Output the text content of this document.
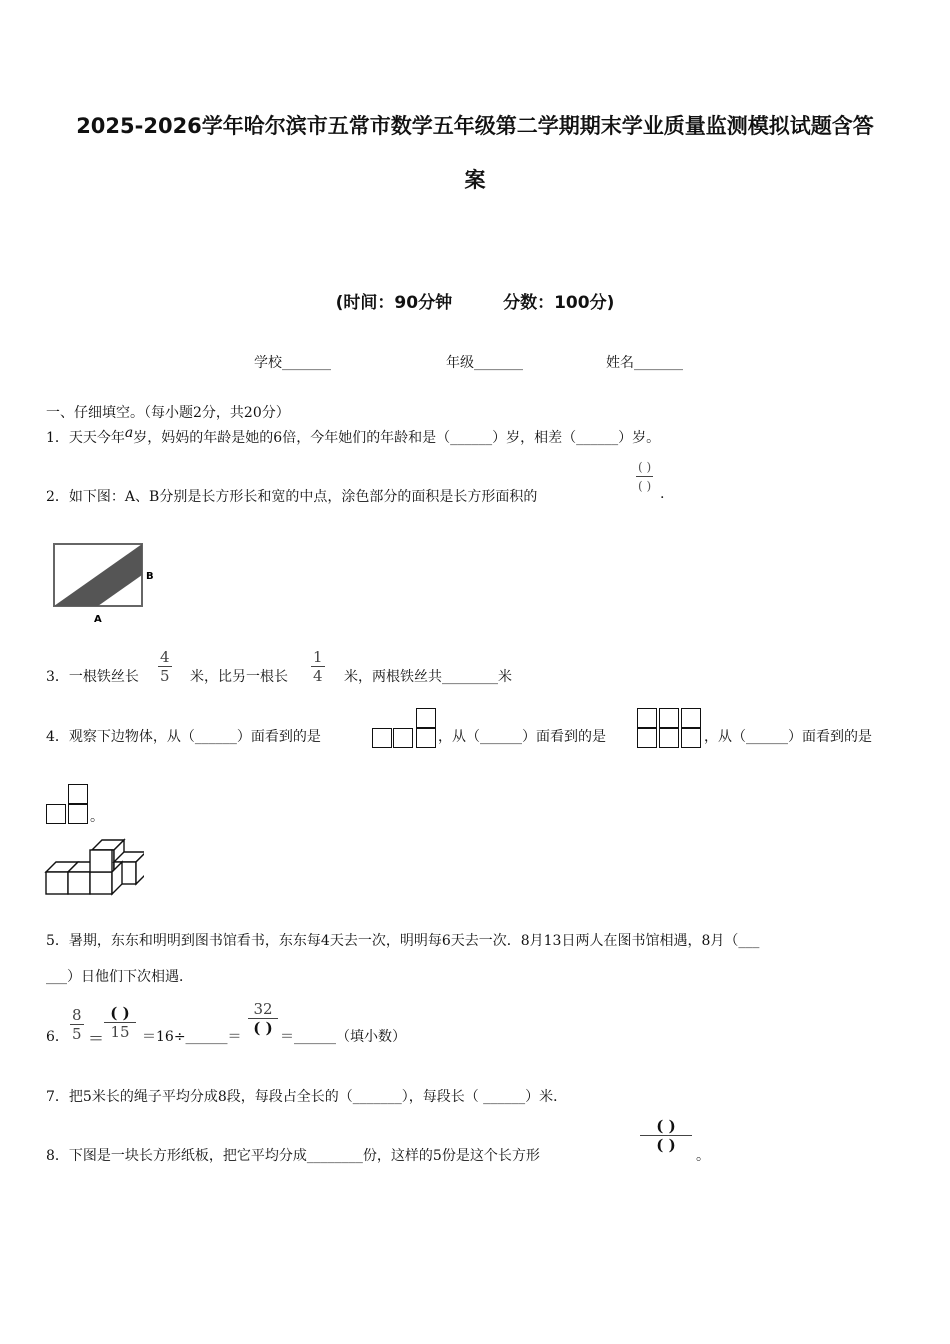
2025-2026学年哈尔滨市五常市数学五年级第二学期期末学业质量监测模拟试题含答
案
(时间：90分钟　　　分数：100分)
学校_______	年级_______	姓名_______
一、仔细填空。（每小题2分，共20分）
1．天天今年a岁，妈妈的年龄是她的6倍，今年她们的年龄和是（______）岁，相差（______）岁。
2．如下图：A、B分别是长方形长和宽的中点，涂色部分的面积是长方形面积的
( )
( ) .
B
A
3．一根铁丝长 $\frac{4}{5}$ 米，比另一根长 $\frac{1}{4}$ 米，两根铁丝共________米
4．观察下边物体，从（______）面看到的是	，从（______）面看到的是	，从（______）面看到的是
。
5．暑期，东东和明明到图书馆看书，东东每4天去一次，明明每6天去一次．8月13日两人在图书馆相遇，8月（___
___）日他们下次相遇．
6． $\frac{8}{5}$ ＝
( )
15 ＝16÷______＝
32
( ) ＝______（填小数）
7．把5米长的绳子平均分成8段，每段占全长的（_______），每段长（ ______）米．
8．下图是一块长方形纸板，把它平均分成________份，这样的5份是这个长方形
( )
( )
。
